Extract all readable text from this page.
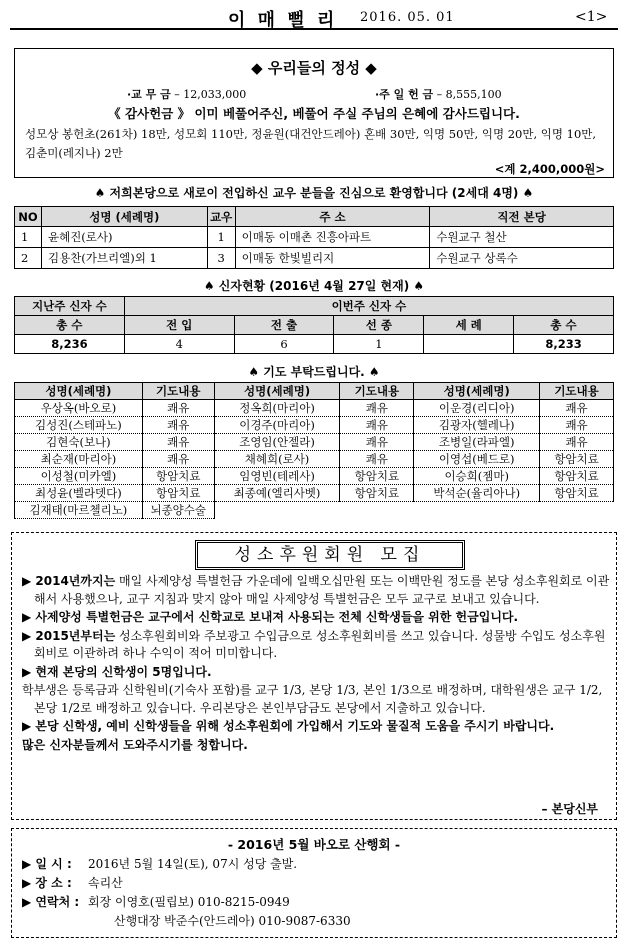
이 매 뻘 리 2016. 05. 01	<1>
◆ 우리들의 정성 ◆
·교 무 금 – 12,033,000	·주 일 헌 금 – 8,555,100
《 감사헌금 》 이미 베풀어주신, 베풀어 주실 주님의 은혜에 감사드립니다.
성모상 봉헌초(261차) 18만, 성모회 110만, 정윤원(대건안드레아) 혼배 30만, 익명 50만, 익명 20만, 익명 10만, 김춘미(레지나) 2만
<계 2,400,000원>
♠ 저희본당으로 새로이 전입하신 교우 분들을 진심으로 환영합니다 (2세대 4명) ♠
NO	성명 (세례명)	교우	주 소	직전 본당
1	윤혜진(로사)	1	이매동 이매촌 진흥아파트	수원교구 철산
2	김용찬(가브리엘)외 1	3	이매동 한빛빌리지	수원교구 상록수
♠ 신자현황 (2016년 4월 27일 현재) ♠
지난주 신자 수	이번주 신자 수				
총 수	전 입	전 출	선 종	세 례	총 수
8,236	4	6	1		8,233
♠ 기도 부탁드립니다. ♠
성명(세례명)	기도내용	성명(세례명)	기도내용	성명(세례명)	기도내용
우상옥(바오로)	쾌유	정옥희(마리아)	쾌유	이운경(리디아)	쾌유
김성진(스테파노)	쾌유	이경주(마리아)	쾌유	김광자(헬레나)	쾌유
김현숙(보나)	쾌유	조영임(안젤라)	쾌유	조병일(라파엘)	쾌유
최순재(마리아)	쾌유	채혜희(로사)	쾌유	이영섭(베드로)	항암치료
이성철(미카엘)	항암치료	임영빈(테레사)	항암치료	이승희(젬마)	항암치료
최성윤(벨라뎃다)	항암치료	최종예(엘리사벳)	항암치료	박석순(율리아나)	항암치료
김재태(마르첼리노)	뇌종양수술				
성소후원회원 모집

▶ 2014년까지는 매일 사제양성 특별헌금 가운데에 일백오십만원 또는 이백만원 정도를 본당 성소후원회로 이관해서 사용했으나, 교구 지침과 맞지 않아 매일 사제양성 특별헌금은 모두 교구로 보내고 있습니다.

▶ 사제양성 특별헌금은 교구에서 신학교로 보내져 사용되는 전체 신학생들을 위한 헌금입니다.

▶ 2015년부터는 성소후원회비와 주보광고 수입금으로 성소후원회비를 쓰고 있습니다. 성물방 수입도 성소후원회비로 이관하려 하나 수익이 적어 미미합니다.

▶ 현재 본당의 신학생이 5명입니다.

학부생은 등록금과 신학원비(기숙사 포함)를 교구 1/3, 본당 1/3, 본인 1/3으로 배정하며, 대학원생은 교구 1/2, 본당 1/2로 배정하고 있습니다. 우리본당은 본인부담금도 본당에서 지출하고 있습니다.

▶ 본당 신학생, 예비 신학생들을 위해 성소후원회에 가입해서 기도와 물질적 도움을 주시기 바랍니다.

많은 신자분들께서 도와주시기를 청합니다.

– 본당신부
- 2016년 5월 바오로 산행회 -
▶ 일 시 : 2016년 5월 14일(토), 07시 성당 출발.
▶ 장 소 : 속리산
▶ 연락처 : 회장 이영호(필립보) 010-8215-0949
산행대장 박준수(안드레아) 010-9087-6330
